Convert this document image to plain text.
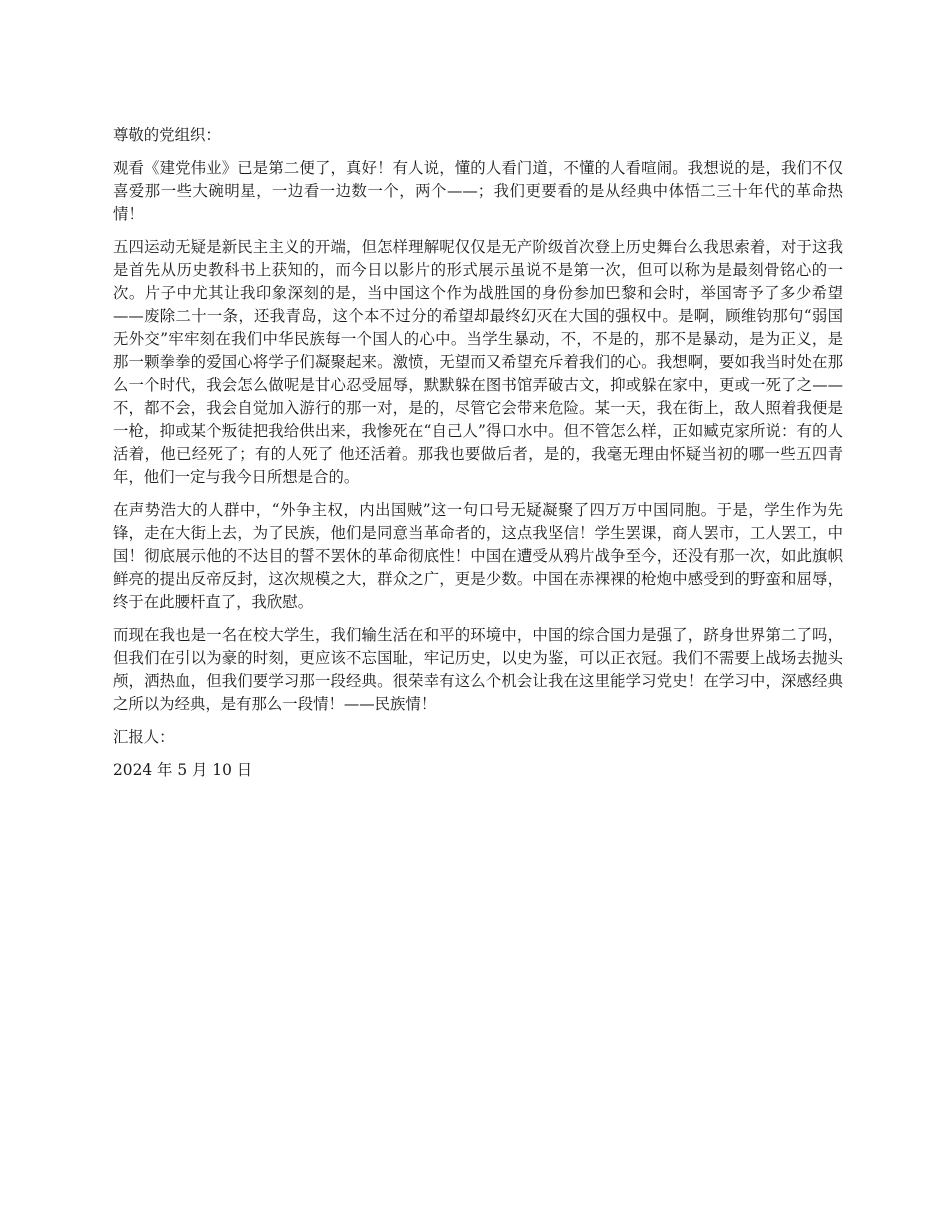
尊敬的党组织：

观看《建党伟业》已是第二便了，真好！有人说，懂的人看门道，不懂的人看喧闹。我想说的是，我们不仅喜爱那一些大碗明星，一边看一边数一个，两个——；我们更要看的是从经典中体悟二三十年代的革命热情！

五四运动无疑是新民主主义的开端，但怎样理解呢仅仅是无产阶级首次登上历史舞台么我思索着，对于这我是首先从历史教科书上获知的，而今日以影片的形式展示虽说不是第一次，但可以称为是最刻骨铭心的一次。片子中尤其让我印象深刻的是，当中国这个作为战胜国的身份参加巴黎和会时，举国寄予了多少希望——废除二十一条，还我青岛，这个本不过分的希望却最终幻灭在大国的强权中。是啊，顾维钧那句“弱国无外交”牢牢刻在我们中华民族每一个国人的心中。当学生暴动，不，不是的，那不是暴动，是为正义，是那一颗拳拳的爱国心将学子们凝聚起来。激愤，无望而又希望充斥着我们的心。我想啊，要如我当时处在那么一个时代，我会怎么做呢是甘心忍受屈辱，默默躲在图书馆弄破古文，抑或躲在家中，更或一死了之——不，都不会，我会自觉加入游行的那一对，是的，尽管它会带来危险。某一天，我在街上，敌人照着我便是一枪，抑或某个叛徒把我给供出来，我惨死在“自己人”得口水中。但不管怎么样，正如臧克家所说：有的人活着，他已经死了；有的人死了 他还活着。那我也要做后者，是的，我毫无理由怀疑当初的哪一些五四青年，他们一定与我今日所想是合的。

在声势浩大的人群中，“外争主权，内出国贼”这一句口号无疑凝聚了四万万中国同胞。于是，学生作为先锋，走在大街上去，为了民族，他们是同意当革命者的，这点我坚信！学生罢课，商人罢市，工人罢工，中国！彻底展示他的不达目的誓不罢休的革命彻底性！中国在遭受从鸦片战争至今，还没有那一次，如此旗帜鲜亮的提出反帝反封，这次规模之大，群众之广，更是少数。中国在赤裸裸的枪炮中感受到的野蛮和屈辱，终于在此腰杆直了，我欣慰。

而现在我也是一名在校大学生，我们输生活在和平的环境中，中国的综合国力是强了，跻身世界第二了吗，但我们在引以为豪的时刻，更应该不忘国耻，牢记历史，以史为鉴，可以正衣冠。我们不需要上战场去抛头颅，洒热血，但我们要学习那一段经典。很荣幸有这么个机会让我在这里能学习党史！在学习中，深感经典之所以为经典，是有那么一段情！——民族情！

汇报人：

2024 年 5 月 10 日
